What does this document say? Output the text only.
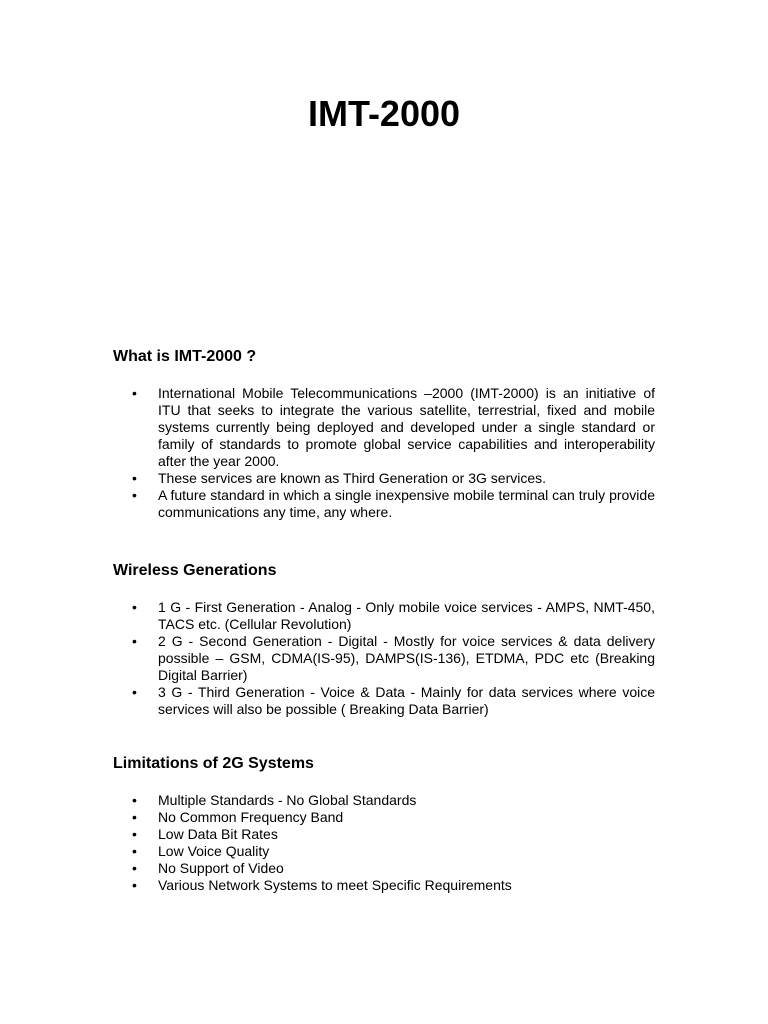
IMT-2000
What is IMT-2000 ?
• International Mobile Telecommunications –2000 (IMT-2000) is an initiative of ITU that seeks to integrate the various satellite, terrestrial, fixed and mobile systems currently being deployed and developed under a single standard or family of standards to promote global service capabilities and interoperability after the year 2000.
• These services are known as Third Generation or 3G services.
• A future standard in which a single inexpensive mobile terminal can truly provide communications any time, any where.
Wireless Generations
• 1 G - First Generation - Analog - Only mobile voice services - AMPS, NMT-450, TACS etc. (Cellular Revolution)
• 2 G - Second Generation - Digital - Mostly for voice services & data delivery possible – GSM, CDMA(IS-95), DAMPS(IS-136), ETDMA, PDC etc (Breaking Digital Barrier)
• 3 G - Third Generation - Voice & Data - Mainly for data services where voice services will also be possible ( Breaking Data Barrier)
Limitations of 2G Systems
• Multiple Standards - No Global Standards
• No Common Frequency Band
• Low Data Bit Rates
• Low Voice Quality
• No Support of Video
• Various Network Systems to meet Specific Requirements
